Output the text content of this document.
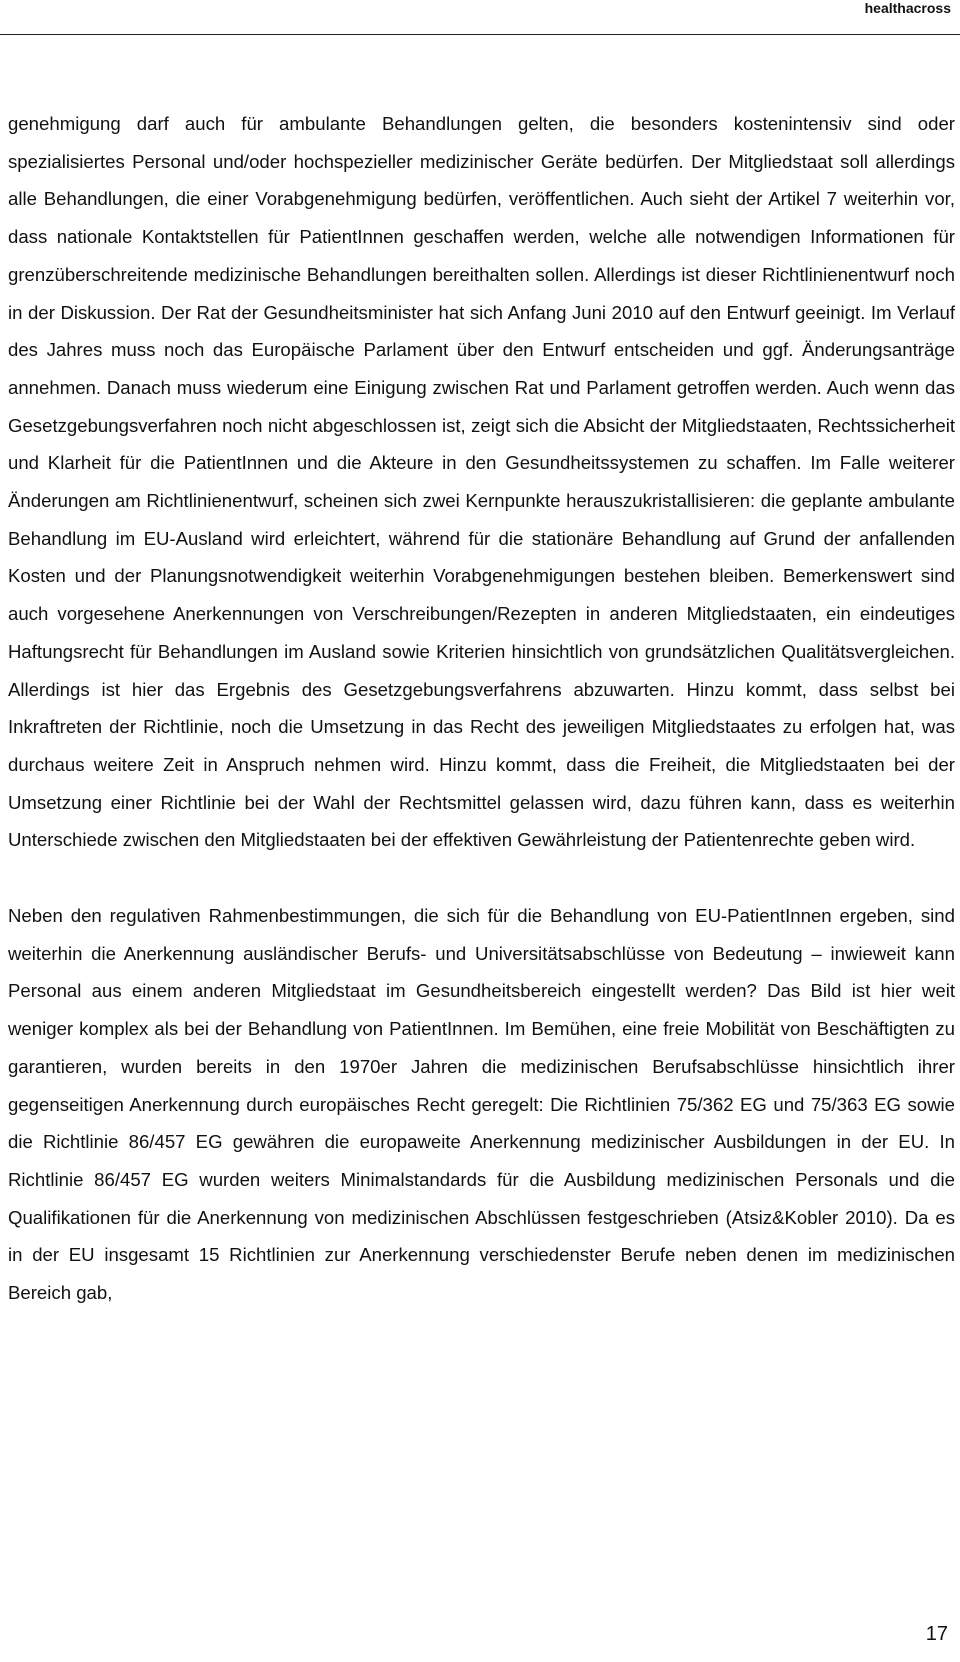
healthacross

genehmigung darf auch für ambulante Behandlungen gelten, die besonders kostenintensiv sind oder spezialisiertes Personal und/oder hochspezieller medizinischer Geräte bedürfen. Der Mitgliedstaat soll allerdings alle Behandlungen, die einer Vorabgenehmigung bedürfen, veröffentlichen. Auch sieht der Artikel 7 weiterhin vor, dass nationale Kontaktstellen für PatientInnen geschaffen werden, welche alle notwendigen Informationen für grenzüberschreitende medizinische Behandlungen bereithalten sollen. Allerdings ist dieser Richtlinienentwurf noch in der Diskussion. Der Rat der Gesundheitsminister hat sich Anfang Juni 2010 auf den Entwurf geeinigt. Im Verlauf des Jahres muss noch das Europäische Parlament über den Entwurf entscheiden und ggf. Änderungsanträge annehmen. Danach muss wiederum eine Einigung zwischen Rat und Parlament getroffen werden. Auch wenn das Gesetzgebungsverfahren noch nicht abgeschlossen ist, zeigt sich die Absicht der Mitgliedstaaten, Rechtssicherheit und Klarheit für die PatientInnen und die Akteure in den Gesundheitssystemen zu schaffen. Im Falle weiterer Änderungen am Richtlinienentwurf, scheinen sich zwei Kernpunkte herauszukristallisieren: die geplante ambulante Behandlung im EU-Ausland wird erleichtert, während für die stationäre Behandlung auf Grund der anfallenden Kosten und der Planungsnotwendigkeit weiterhin Vorabgenehmigungen bestehen bleiben. Bemerkenswert sind auch vorgesehene Anerkennungen von Verschreibungen/Rezepten in anderen Mitgliedstaaten, ein eindeutiges Haftungsrecht für Behandlungen im Ausland sowie Kriterien hinsichtlich von grundsätzlichen Qualitätsvergleichen. Allerdings ist hier das Ergebnis des Gesetzgebungsverfahrens abzuwarten. Hinzu kommt, dass selbst bei Inkraftreten der Richtlinie, noch die Umsetzung in das Recht des jeweiligen Mitgliedstaates zu erfolgen hat, was durchaus weitere Zeit in Anspruch nehmen wird. Hinzu kommt, dass die Freiheit, die Mitgliedstaaten bei der Umsetzung einer Richtlinie bei der Wahl der Rechtsmittel gelassen wird, dazu führen kann, dass es weiterhin Unterschiede zwischen den Mitgliedstaaten bei der effektiven Gewährleistung der Patientenrechte geben wird.

Neben den regulativen Rahmenbestimmungen, die sich für die Behandlung von EU-PatientInnen ergeben, sind weiterhin die Anerkennung ausländischer Berufs- und Universitätsabschlüsse von Bedeutung – inwieweit kann Personal aus einem anderen Mitgliedstaat im Gesundheitsbereich eingestellt werden? Das Bild ist hier weit weniger komplex als bei der Behandlung von PatientInnen. Im Bemühen, eine freie Mobilität von Beschäftigten zu garantieren, wurden bereits in den 1970er Jahren die medizinischen Berufsabschlüsse hinsichtlich ihrer gegenseitigen Anerkennung durch europäisches Recht geregelt: Die Richtlinien 75/362 EG und 75/363 EG sowie die Richtlinie 86/457 EG gewähren die europaweite Anerkennung medizinischer Ausbildungen in der EU. In Richtlinie 86/457 EG wurden weiters Minimalstandards für die Ausbildung medizinischen Personals und die Qualifikationen für die Anerkennung von medizinischen Abschlüssen festgeschrieben (Atsiz&Kobler 2010). Da es in der EU insgesamt 15 Richtlinien zur Anerkennung verschiedenster Berufe neben denen im medizinischen Bereich gab,

17
